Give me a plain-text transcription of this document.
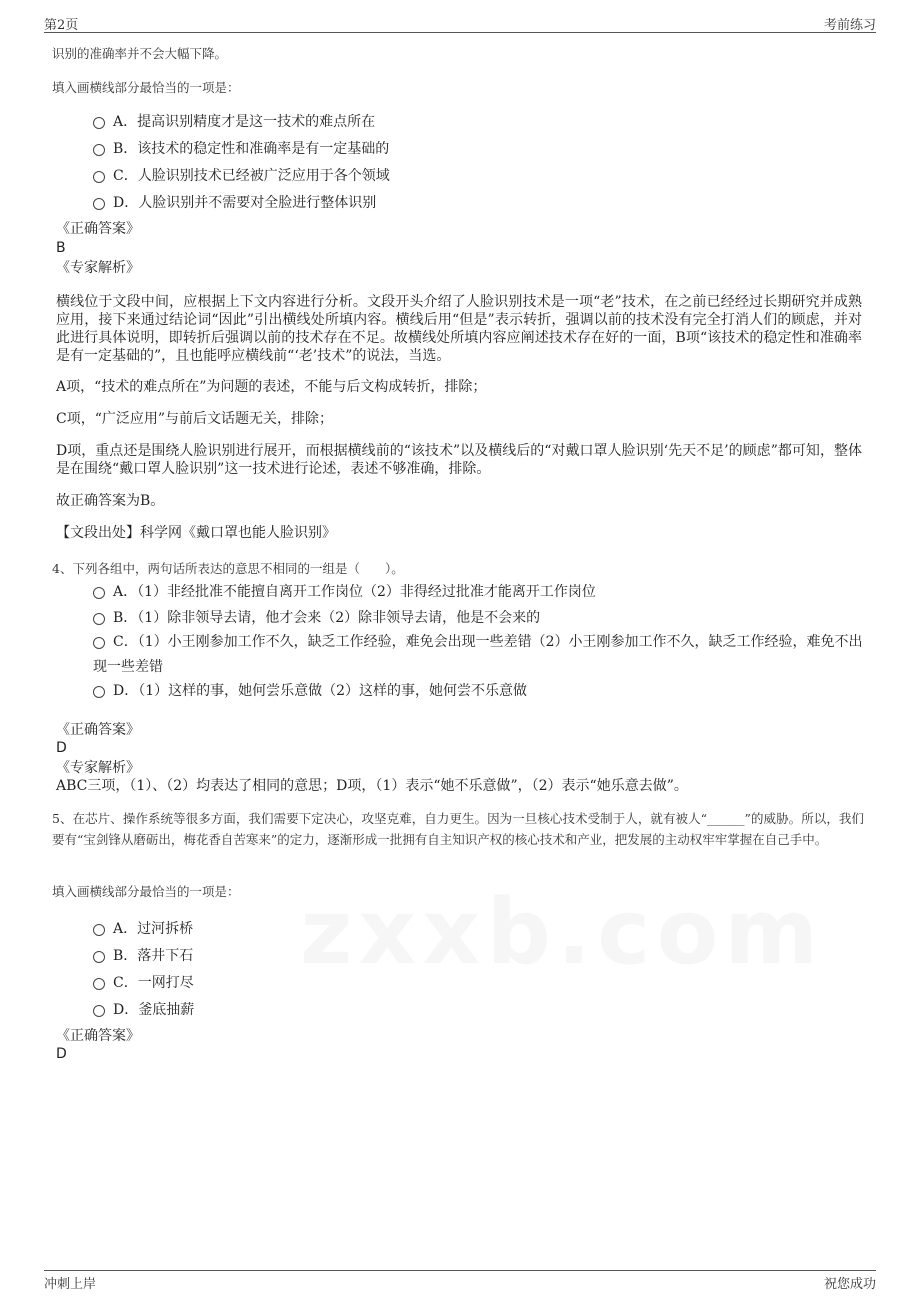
第2页	考前练习
识别的准确率并不会大幅下降。
填入画横线部分最恰当的一项是：
A．提高识别精度才是这一技术的难点所在
B．该技术的稳定性和准确率是有一定基础的
C．人脸识别技术已经被广泛应用于各个领域
D．人脸识别并不需要对全脸进行整体识别
《正确答案》
B
《专家解析》
横线位于文段中间，应根据上下文内容进行分析。文段开头介绍了人脸识别技术是一项“老”技术，在之前已经经过长期研究并成熟应用，接下来通过结论词“因此”引出横线处所填内容。横线后用“但是”表示转折，强调以前的技术没有完全打消人们的顾虑，并对此进行具体说明，即转折后强调以前的技术存在不足。故横线处所填内容应阐述技术存在好的一面，B项“该技术的稳定性和准确率是有一定基础的”，且也能呼应横线前“‘老’技术”的说法，当选。
A项，“技术的难点所在”为问题的表述，不能与后文构成转折，排除；
C项，“广泛应用”与前后文话题无关，排除；
D项，重点还是围绕人脸识别进行展开，而根据横线前的“该技术”以及横线后的“对戴口罩人脸识别‘先天不足’的顾虑”都可知，整体是在围绕“戴口罩人脸识别”这一技术进行论述，表述不够准确，排除。
故正确答案为B。
【文段出处】科学网《戴口罩也能人脸识别》
4、下列各组中，两句话所表达的意思不相同的一组是（　　）。
A．（1）非经批准不能擅自离开工作岗位（2）非得经过批准才能离开工作岗位
B．（1）除非领导去请，他才会来（2）除非领导去请，他是不会来的
C．（1）小王刚参加工作不久，缺乏工作经验，难免会出现一些差错（2）小王刚参加工作不久，缺乏工作经验，难免不出现一些差错
D．（1）这样的事，她何尝乐意做（2）这样的事，她何尝不乐意做
《正确答案》
D
《专家解析》
ABC三项，（1）、（2）均表达了相同的意思；D项，（1）表示“她不乐意做”，（2）表示“她乐意去做”。
5、在芯片、操作系统等很多方面，我们需要下定决心，攻坚克难，自力更生。因为一旦核心技术受制于人，就有被人“______”的威胁。所以，我们要有“宝剑锋从磨砺出，梅花香自苦寒来”的定力，逐渐形成一批拥有自主知识产权的核心技术和产业，把发展的主动权牢牢掌握在自己手中。
填入画横线部分最恰当的一项是：
A．过河拆桥
B．落井下石
C．一网打尽
D．釜底抽薪
《正确答案》
D
冲刺上岸	祝您成功
